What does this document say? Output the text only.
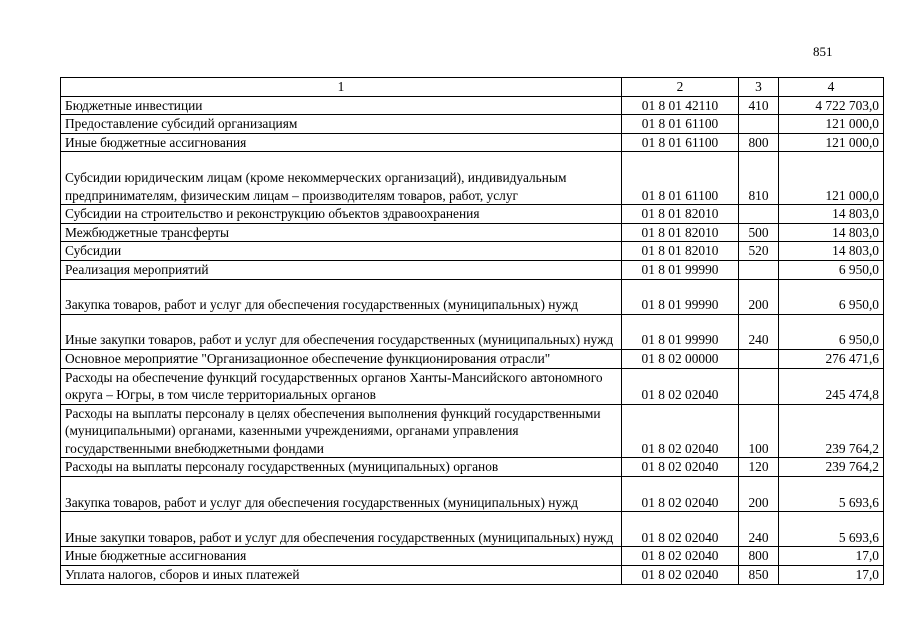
851
1	2	3	4
Бюджетные инвестиции	01 8 01 42110	410	4 722 703,0
Предоставление субсидий организациям	01 8 01 61100		121 000,0
Иные бюджетные ассигнования	01 8 01 61100	800	121 000,0
Субсидии юридическим лицам (кроме некоммерческих организаций), индивидуальным предпринимателям, физическим лицам – производителям товаров, работ, услуг	01 8 01 61100	810	121 000,0
Субсидии на строительство и реконструкцию объектов здравоохранения	01 8 01 82010		14 803,0
Межбюджетные трансферты	01 8 01 82010	500	14 803,0
Субсидии	01 8 01 82010	520	14 803,0
Реализация мероприятий	01 8 01 99990		6 950,0
Закупка товаров, работ и услуг для обеспечения государственных (муниципальных) нужд	01 8 01 99990	200	6 950,0
Иные закупки товаров, работ и услуг для обеспечения государственных (муниципальных) нужд	01 8 01 99990	240	6 950,0
Основное мероприятие "Организационное обеспечение функционирования отрасли"	01 8 02 00000		276 471,6
Расходы на обеспечение функций государственных органов Ханты-Мансийского автономного округа – Югры, в том числе территориальных органов	01 8 02 02040		245 474,8
Расходы на выплаты персоналу в целях обеспечения выполнения функций государственными (муниципальными) органами, казенными учреждениями, органами управления государственными внебюджетными фондами	01 8 02 02040	100	239 764,2
Расходы на выплаты персоналу государственных (муниципальных) органов	01 8 02 02040	120	239 764,2
Закупка товаров, работ и услуг для обеспечения государственных (муниципальных) нужд	01 8 02 02040	200	5 693,6
Иные закупки товаров, работ и услуг для обеспечения государственных (муниципальных) нужд	01 8 02 02040	240	5 693,6
Иные бюджетные ассигнования	01 8 02 02040	800	17,0
Уплата налогов, сборов и иных платежей	01 8 02 02040	850	17,0
